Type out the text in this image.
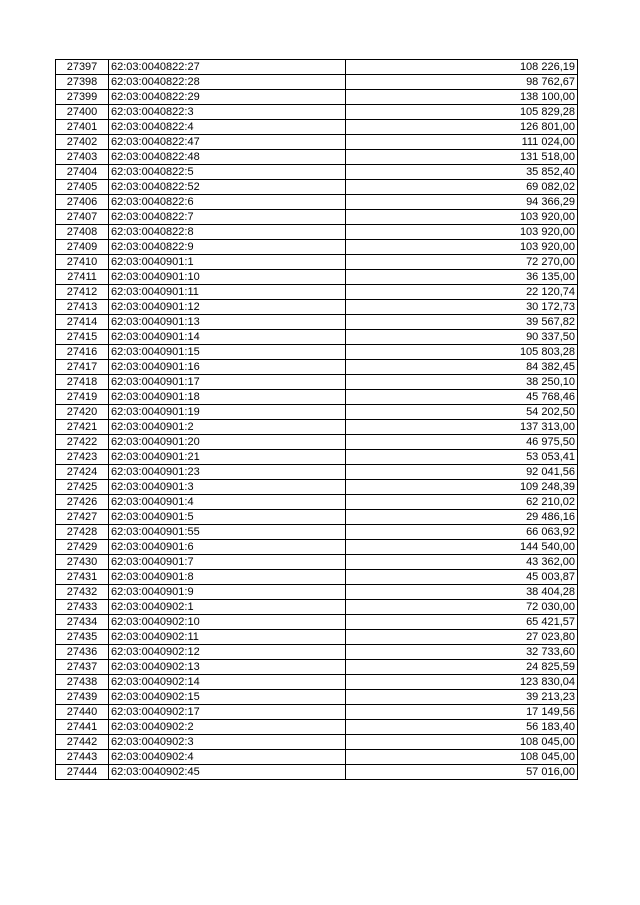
27397	62:03:0040822:27	108 226,19
27398	62:03:0040822:28	98 762,67
27399	62:03:0040822:29	138 100,00
27400	62:03:0040822:3	105 829,28
27401	62:03:0040822:4	126 801,00
27402	62:03:0040822:47	111 024,00
27403	62:03:0040822:48	131 518,00
27404	62:03:0040822:5	35 852,40
27405	62:03:0040822:52	69 082,02
27406	62:03:0040822:6	94 366,29
27407	62:03:0040822:7	103 920,00
27408	62:03:0040822:8	103 920,00
27409	62:03:0040822:9	103 920,00
27410	62:03:0040901:1	72 270,00
27411	62:03:0040901:10	36 135,00
27412	62:03:0040901:11	22 120,74
27413	62:03:0040901:12	30 172,73
27414	62:03:0040901:13	39 567,82
27415	62:03:0040901:14	90 337,50
27416	62:03:0040901:15	105 803,28
27417	62:03:0040901:16	84 382,45
27418	62:03:0040901:17	38 250,10
27419	62:03:0040901:18	45 768,46
27420	62:03:0040901:19	54 202,50
27421	62:03:0040901:2	137 313,00
27422	62:03:0040901:20	46 975,50
27423	62:03:0040901:21	53 053,41
27424	62:03:0040901:23	92 041,56
27425	62:03:0040901:3	109 248,39
27426	62:03:0040901:4	62 210,02
27427	62:03:0040901:5	29 486,16
27428	62:03:0040901:55	66 063,92
27429	62:03:0040901:6	144 540,00
27430	62:03:0040901:7	43 362,00
27431	62:03:0040901:8	45 003,87
27432	62:03:0040901:9	38 404,28
27433	62:03:0040902:1	72 030,00
27434	62:03:0040902:10	65 421,57
27435	62:03:0040902:11	27 023,80
27436	62:03:0040902:12	32 733,60
27437	62:03:0040902:13	24 825,59
27438	62:03:0040902:14	123 830,04
27439	62:03:0040902:15	39 213,23
27440	62:03:0040902:17	17 149,56
27441	62:03:0040902:2	56 183,40
27442	62:03:0040902:3	108 045,00
27443	62:03:0040902:4	108 045,00
27444	62:03:0040902:45	57 016,00
